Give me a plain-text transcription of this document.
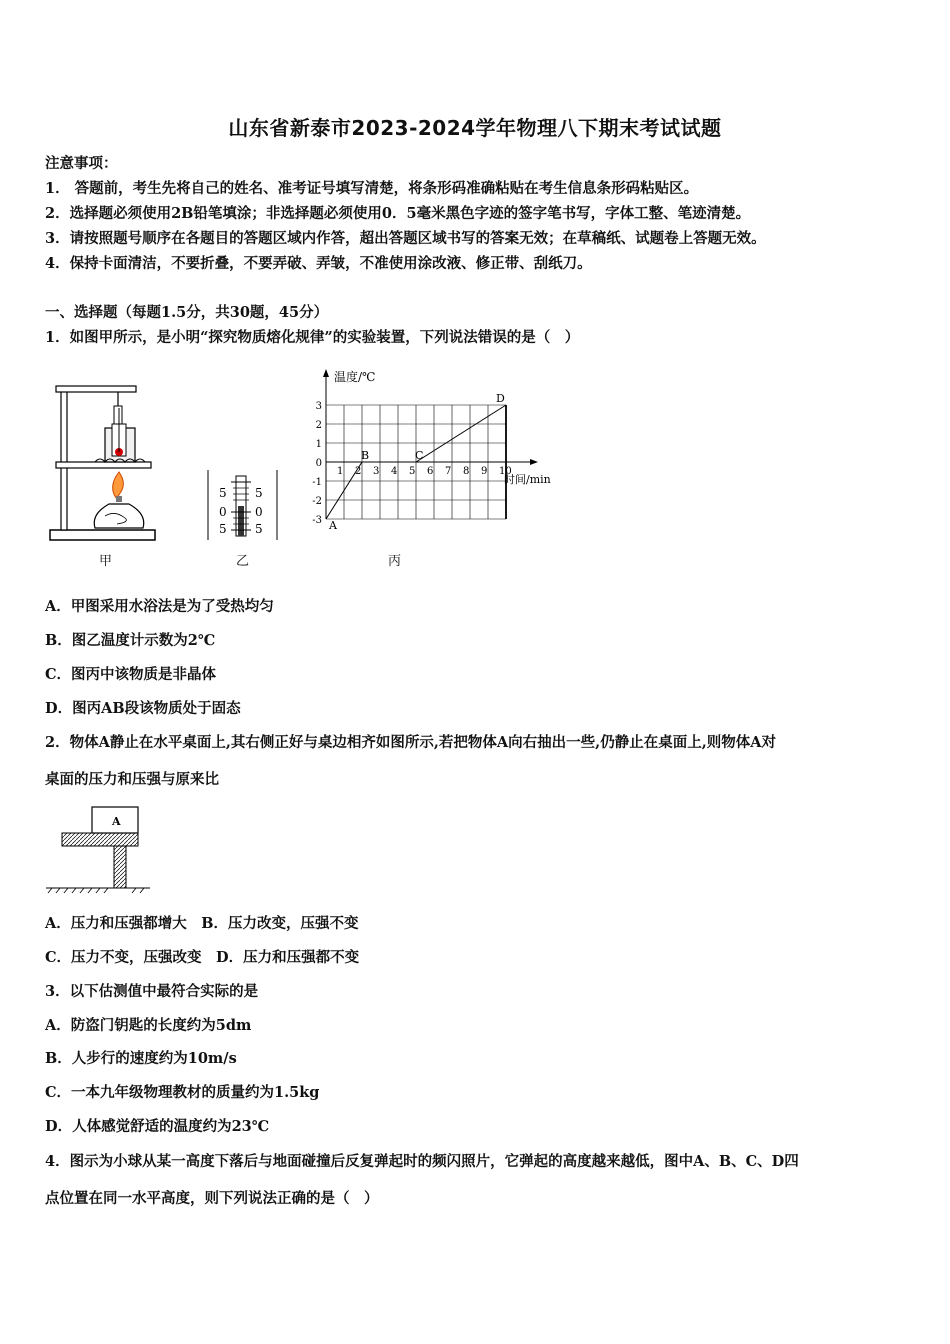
山东省新泰市2023-2024学年物理八下期末考试试题
注意事项：
1． 答题前，考生先将自己的姓名、准考证号填写清楚，将条形码准确粘贴在考生信息条形码粘贴区。
2．选择题必须使用2B铅笔填涂；非选择题必须使用0．5毫米黑色字迹的签字笔书写，字体工整、笔迹清楚。
3．请按照题号顺序在各题目的答题区域内作答，超出答题区域书写的答案无效；在草稿纸、试题卷上答题无效。
4．保持卡面清洁，不要折叠，不要弄破、弄皱，不准使用涂改液、修正带、刮纸刀。
一、选择题（每题1.5分，共30题，45分）
1．如图甲所示，是小明“探究物质熔化规律”的实验装置，下列说法错误的是（　）
甲
5
0
5
5
0
5
乙
温度/℃
时间/min
3
2
1
0
-1
-2
-3
1 2 3 4 5 6 7 8 9 10
A
B	C
D
丙
A．甲图采用水浴法是为了受热均匀
B．图乙温度计示数为2℃
C．图丙中该物质是非晶体
D．图丙AB段该物质处于固态
2．物体A静止在水平桌面上,其右侧正好与桌边相齐如图所示,若把物体A向右抽出一些,仍静止在桌面上,则物体A对
桌面的压力和压强与原来比
A
A．压力和压强都增大　B．压力改变，压强不变
C．压力不变，压强改变　D．压力和压强都不变
3．以下估测值中最符合实际的是
A．防盗门钥匙的长度约为5dm
B．人步行的速度约为10m/s
C．一本九年级物理教材的质量约为1.5kg
D．人体感觉舒适的温度约为23℃
4．图示为小球从某一高度下落后与地面碰撞后反复弹起时的频闪照片，它弹起的高度越来越低，图中A、B、C、D四
点位置在同一水平高度，则下列说法正确的是（　）
